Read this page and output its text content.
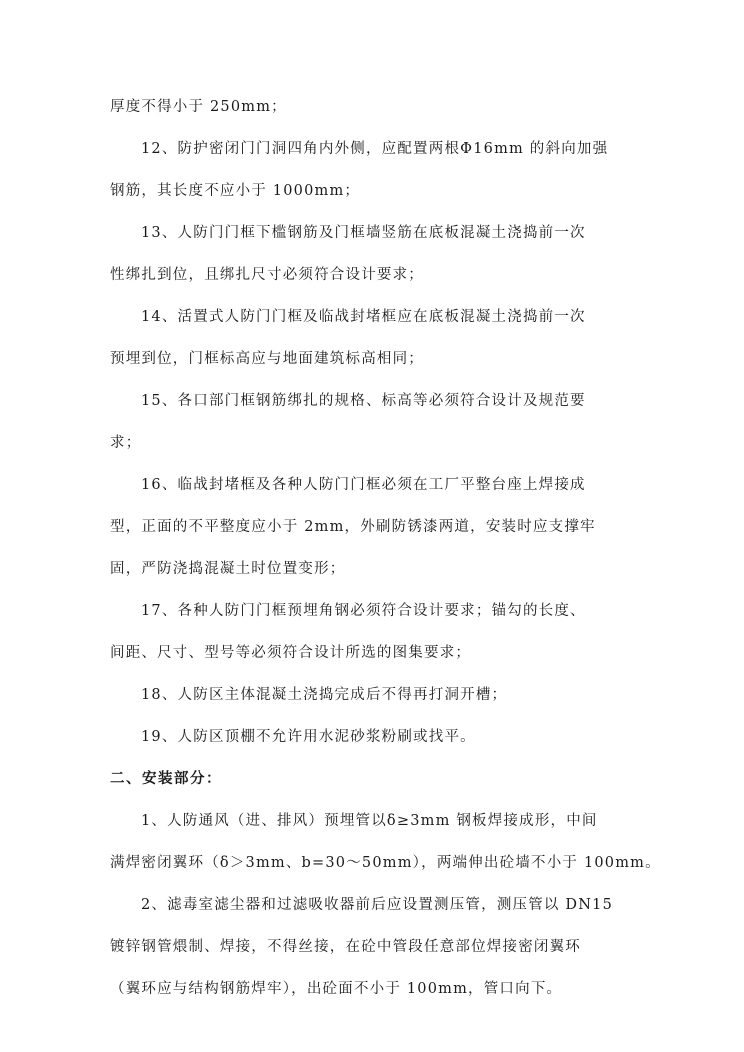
厚度不得小于 250mm；
12、防护密闭门门洞四角内外侧，应配置两根Φ16mm 的斜向加强
钢筋，其长度不应小于 1000mm；
13、人防门门框下槛钢筋及门框墙竖筋在底板混凝土浇捣前一次
性绑扎到位，且绑扎尺寸必须符合设计要求；
14、活置式人防门门框及临战封堵框应在底板混凝土浇捣前一次
预埋到位，门框标高应与地面建筑标高相同；
15、各口部门框钢筋绑扎的规格、标高等必须符合设计及规范要
求；
16、临战封堵框及各种人防门门框必须在工厂平整台座上焊接成
型，正面的不平整度应小于 2mm，外刷防锈漆两道，安装时应支撑牢
固，严防浇捣混凝土时位置变形；
17、各种人防门门框预埋角钢必须符合设计要求；锚勾的长度、
间距、尺寸、型号等必须符合设计所选的图集要求；
18、人防区主体混凝土浇捣完成后不得再打洞开槽；
19、人防区顶棚不允许用水泥砂浆粉刷或找平。
二、安装部分：
1、人防通风（进、排风）预埋管以δ≥3mm 钢板焊接成形，中间
满焊密闭翼环（δ＞3mm、b=30～50mm），两端伸出砼墙不小于 100mm。
2、滤毒室滤尘器和过滤吸收器前后应设置测压管，测压管以 DN15
镀锌钢管煨制、焊接，不得丝接，在砼中管段任意部位焊接密闭翼环
（翼环应与结构钢筋焊牢），出砼面不小于 100mm，管口向下。
